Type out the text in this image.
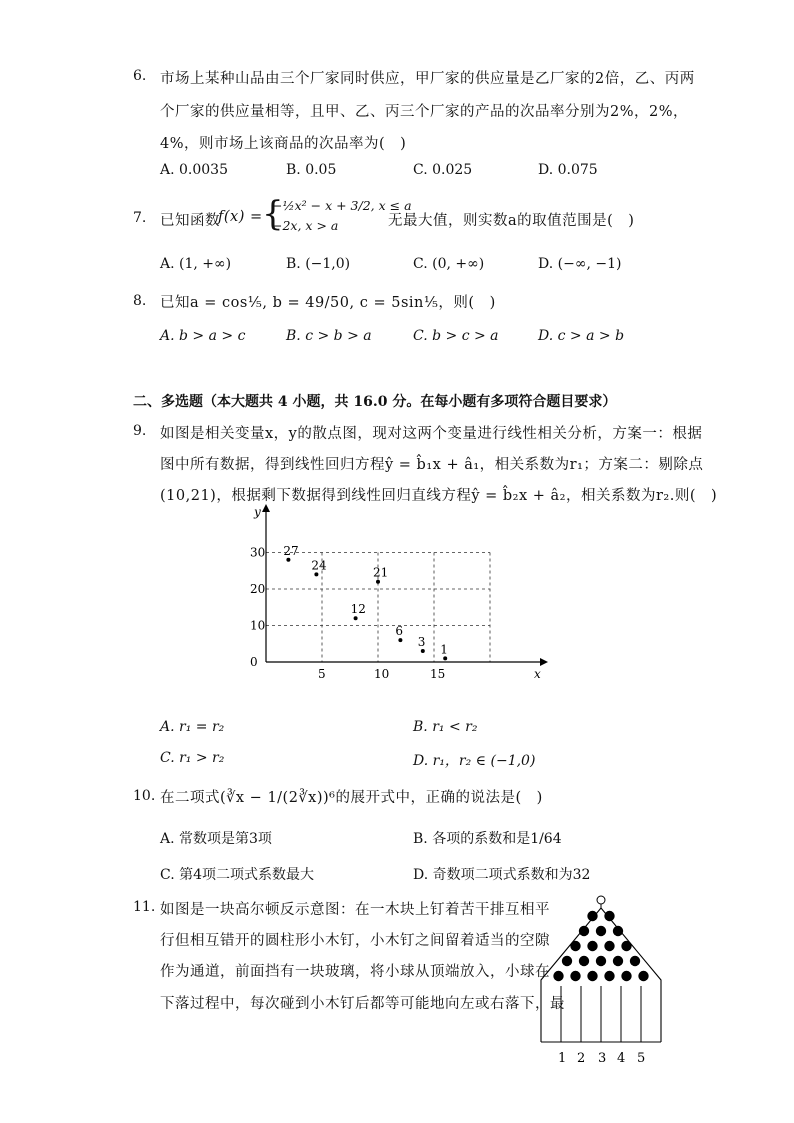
6. 市场上某种山品由三个厂家同时供应，甲厂家的供应量是乙厂家的2倍，乙、丙两
个厂家的供应量相等，且甲、乙、丙三个厂家的产品的次品率分别为2%，2%，
4%，则市场上该商品的次品率为(　)
A. 0.0035	B. 0.05	C. 0.025	D. 0.075
7. 已知函数
f(x) = {
−½x² − x + 3/2, x ≤ a
−2x, x > a	无最大值，则实数a的取值范围是(　)
A. (1, +∞)	B. (−1,0)	C. (0, +∞)	D. (−∞, −1)
8. 已知a = cos⅕, b = 49/50, c = 5sin⅕，则(　)
A. b > a > c	B. c > b > a	C. b > c > a	D. c > a > b
二、多选题（本大题共 4 小题，共 16.0 分。在每小题有多项符合题目要求）
9. 如图是相关变量x，y的散点图，现对这两个变量进行线性相关分析，方案一：根据
图中所有数据，得到线性回归方程ŷ = b̂₁x + â₁，相关系数为r₁；方案二：剔除点
(10,21)，根据剩下数据得到线性回归直线方程ŷ = b̂₂x + â₂，相关系数为r₂.则(　)
x
y
5	10	15
0
10
20
30 27
24
21
12
6
3
1
A. r₁ = r₂	B. r₁ < r₂
C. r₁ > r₂	D. r₁，r₂ ∈ (−1,0)
10. 在二项式(∛x − 1/(2∛x))⁶的展开式中，正确的说法是(　)
A. 常数项是第3项	B. 各项的系数和是1/64
C. 第4项二项式系数最大	D. 奇数项二项式系数和为32
11. 如图是一块高尔顿反示意图：在一木块上钉着苦干排互相平
行但相互错开的圆柱形小木钉，小木钉之间留着适当的空隙
作为通道，前面挡有一块玻璃，将小球从顶端放入，小球在
下落过程中，每次碰到小木钉后都等可能地向左或右落下，最
1 2 3 4 5
